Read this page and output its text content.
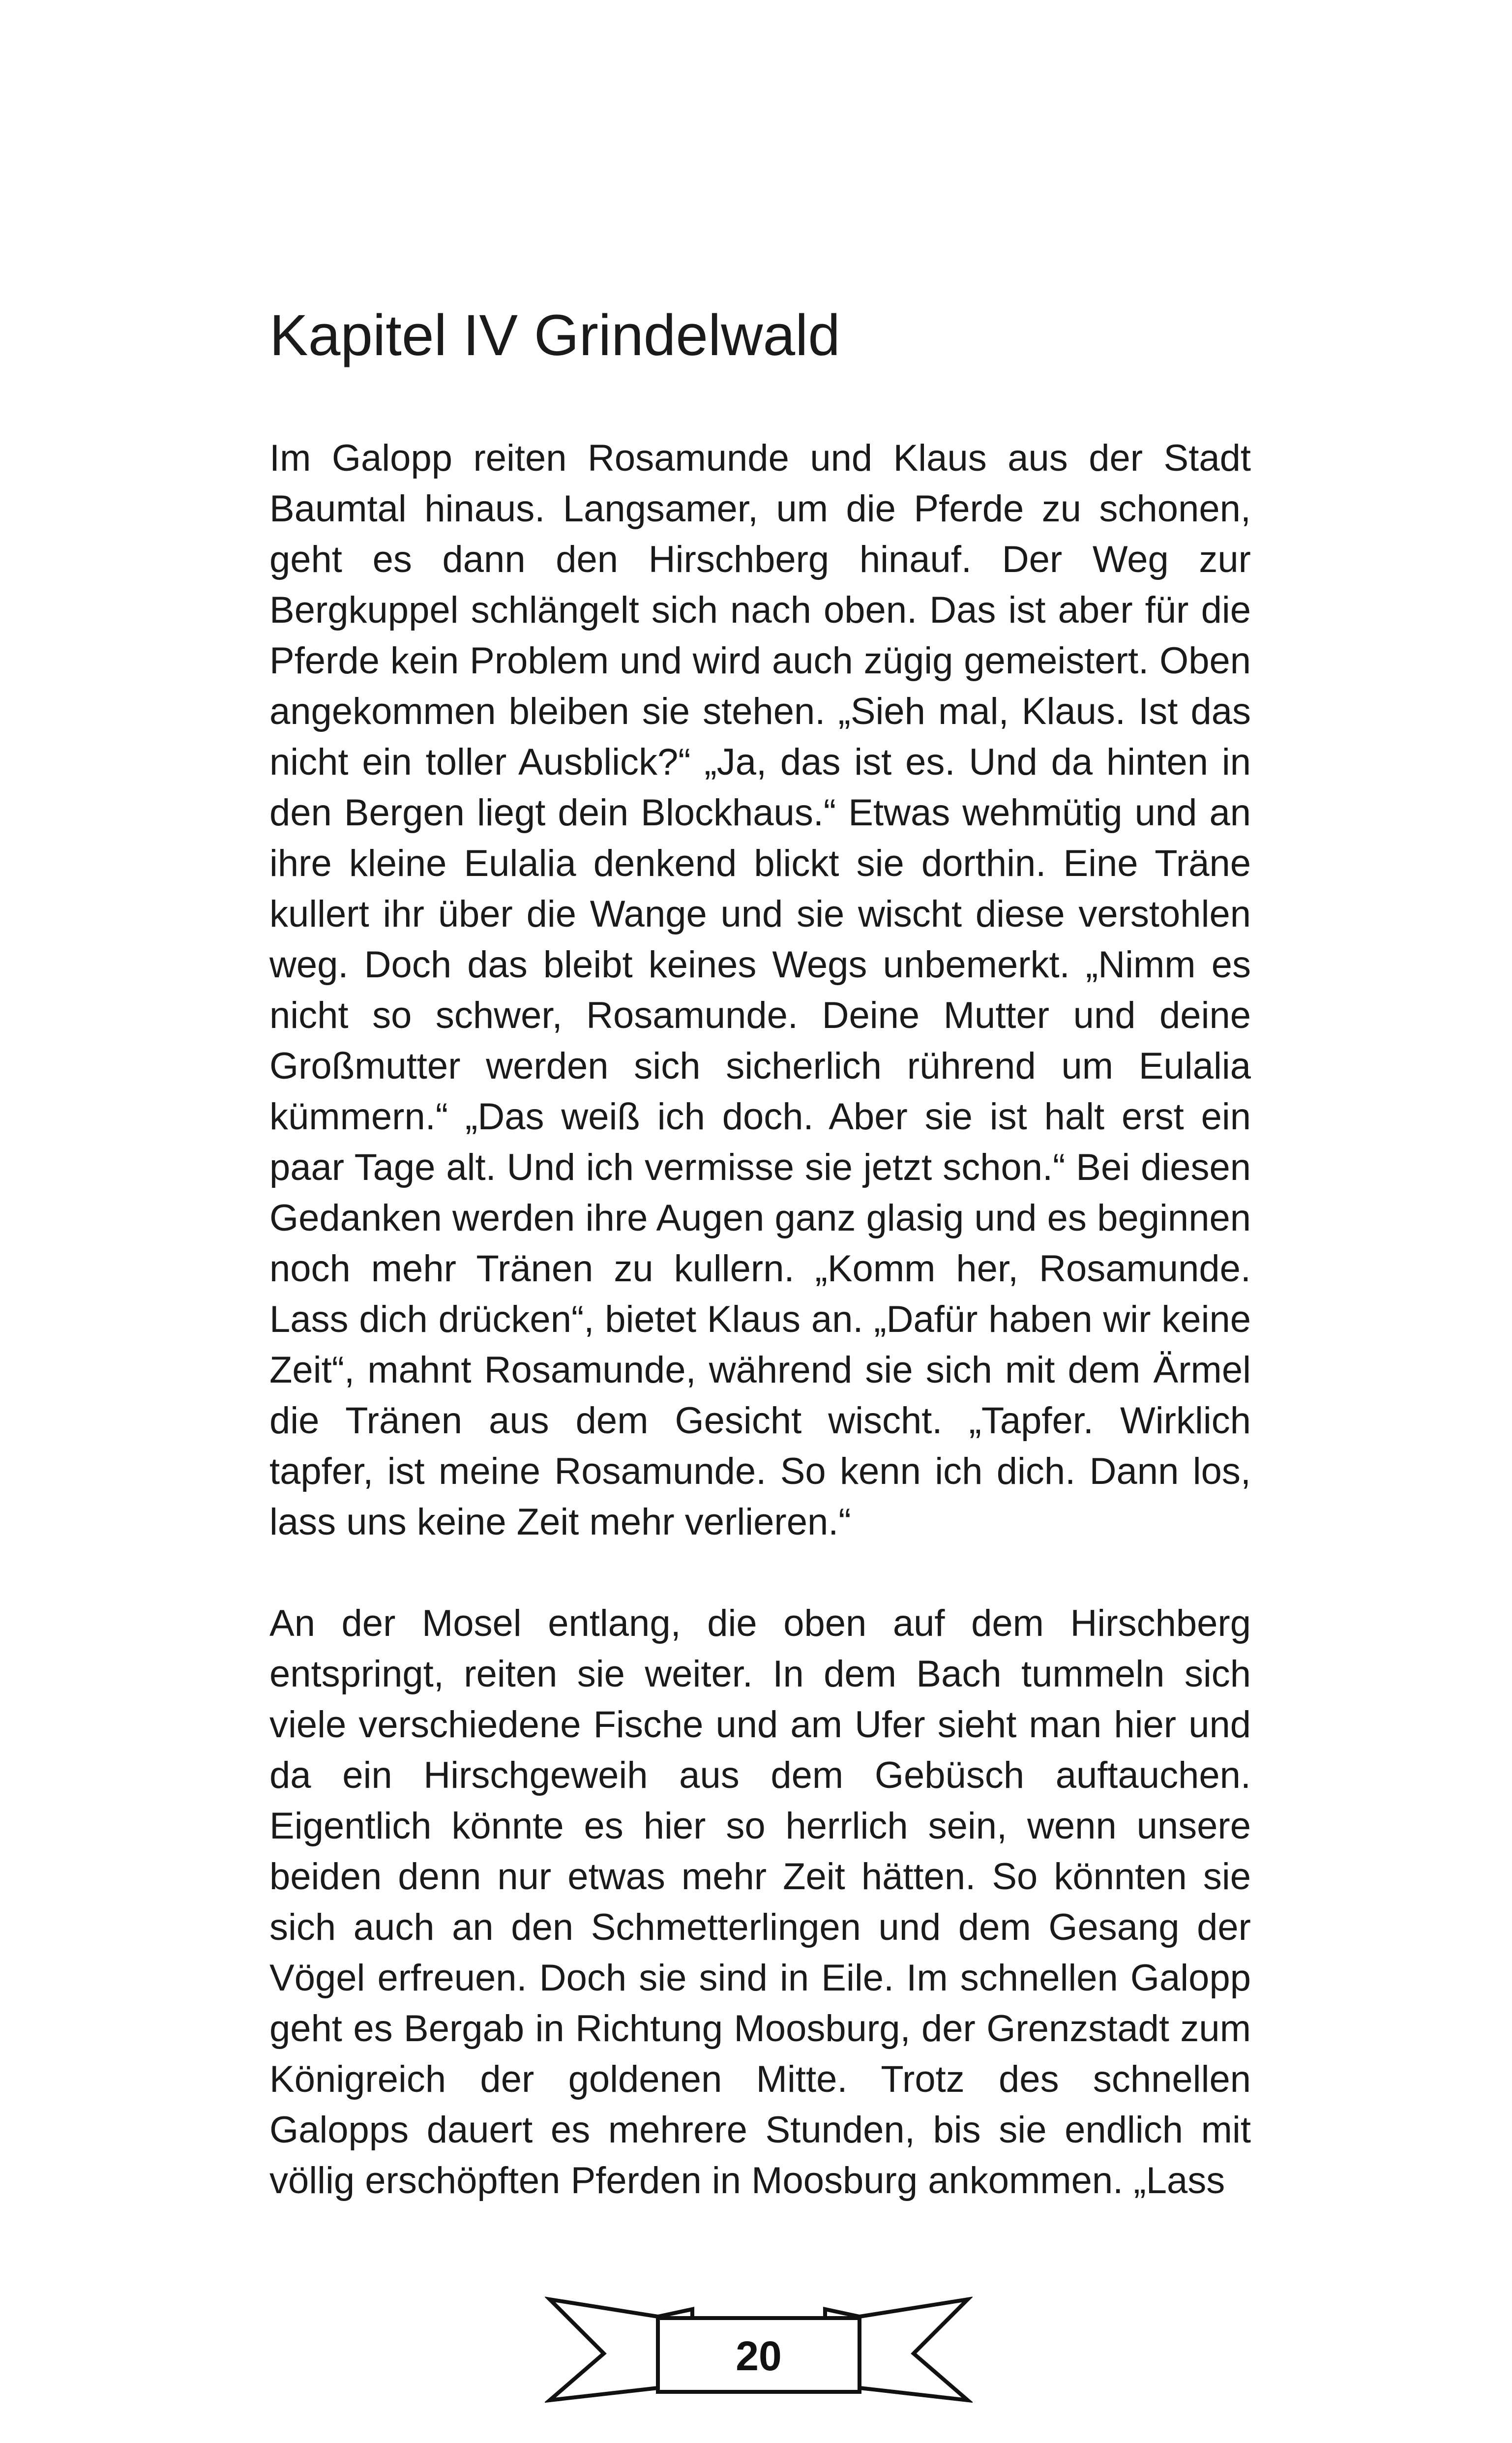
Kapitel IV Grindelwald

Im Galopp reiten Rosamunde und Klaus aus der Stadt Baumtal hinaus. Langsamer, um die Pferde zu schonen, geht es dann den Hirschberg hinauf. Der Weg zur Bergkuppel schlängelt sich nach oben. Das ist aber für die Pferde kein Problem und wird auch zügig gemeistert. Oben angekommen bleiben sie stehen. „Sieh mal, Klaus. Ist das nicht ein toller Ausblick?“ „Ja, das ist es. Und da hinten in den Bergen liegt dein Blockhaus.“ Etwas wehmütig und an ihre kleine Eulalia denkend blickt sie dorthin. Eine Träne kullert ihr über die Wange und sie wischt diese verstohlen weg. Doch das bleibt keines Wegs unbemerkt. „Nimm es nicht so schwer, Rosamunde. Deine Mutter und deine Großmutter werden sich sicherlich rührend um Eulalia kümmern.“ „Das weiß ich doch. Aber sie ist halt erst ein paar Tage alt. Und ich vermisse sie jetzt schon.“ Bei diesen Gedanken werden ihre Augen ganz glasig und es beginnen noch mehr Tränen zu kullern. „Komm her, Rosamunde. Lass dich drücken“, bietet Klaus an. „Dafür haben wir keine Zeit“, mahnt Rosamunde, während sie sich mit dem Ärmel die Tränen aus dem Gesicht wischt. „Tapfer. Wirklich tapfer, ist meine Rosamunde. So kenn ich dich. Dann los, lass uns keine Zeit mehr verlieren.“

An der Mosel entlang, die oben auf dem Hirschberg entspringt, reiten sie weiter. In dem Bach tummeln sich viele verschiedene Fische und am Ufer sieht man hier und da ein Hirschgeweih aus dem Gebüsch auftauchen. Eigentlich könnte es hier so herrlich sein, wenn unsere beiden denn nur etwas mehr Zeit hätten. So könnten sie sich auch an den Schmetterlingen und dem Gesang der Vögel erfreuen. Doch sie sind in Eile. Im schnellen Galopp geht es Bergab in Richtung Moosburg, der Grenzstadt zum Königreich der goldenen Mitte. Trotz des schnellen Galopps dauert es mehrere Stunden, bis sie endlich mit völlig erschöpften Pferden in Moosburg ankommen. „Lass

20
